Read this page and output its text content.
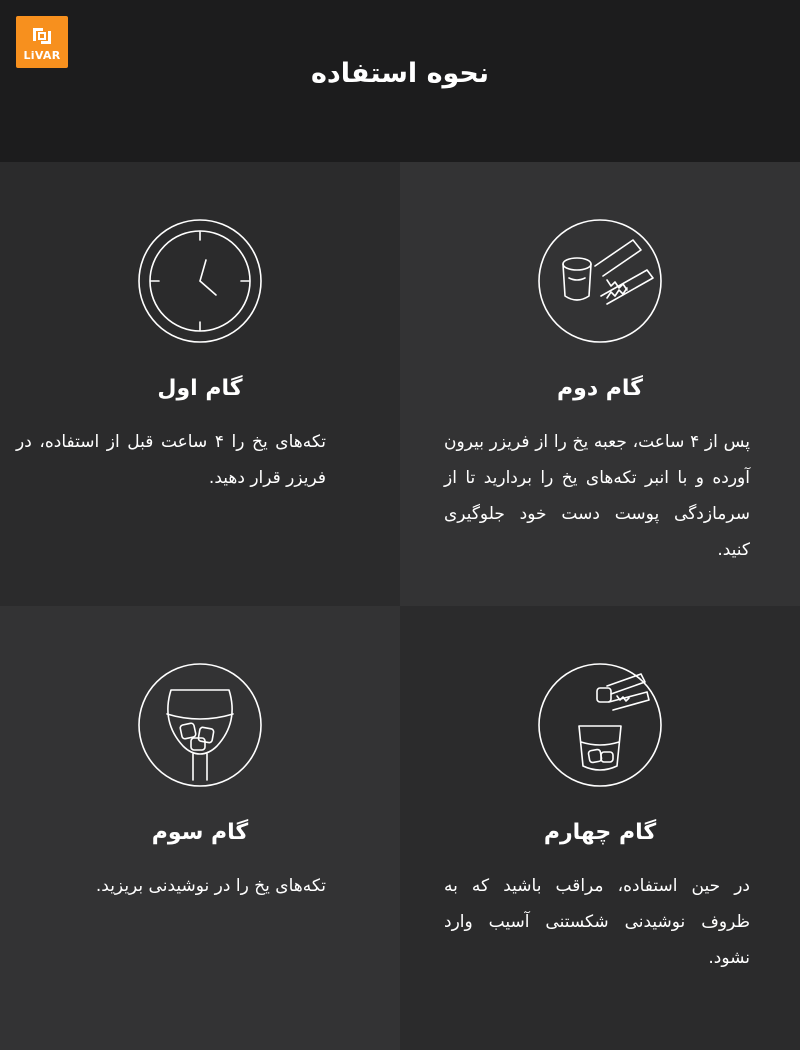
LiVAR
نحوه استفاده
گام اول
تکه‌های یخ را ۴ ساعت قبل از استفاده، در فریزر قرار دهید.
گام دوم
پس از ۴ ساعت، جعبه یخ را از فریزر بیرون آورده و با انبر تکه‌های یخ را بردارید تا از سرمازدگی پوست دست خود جلوگیری کنید.
گام سوم
تکه‌های یخ را در نوشیدنی بریزید.
گام چهارم
در حین استفاده، مراقب باشید که به ظروف نوشیدنی شکستنی آسیب وارد نشود.
